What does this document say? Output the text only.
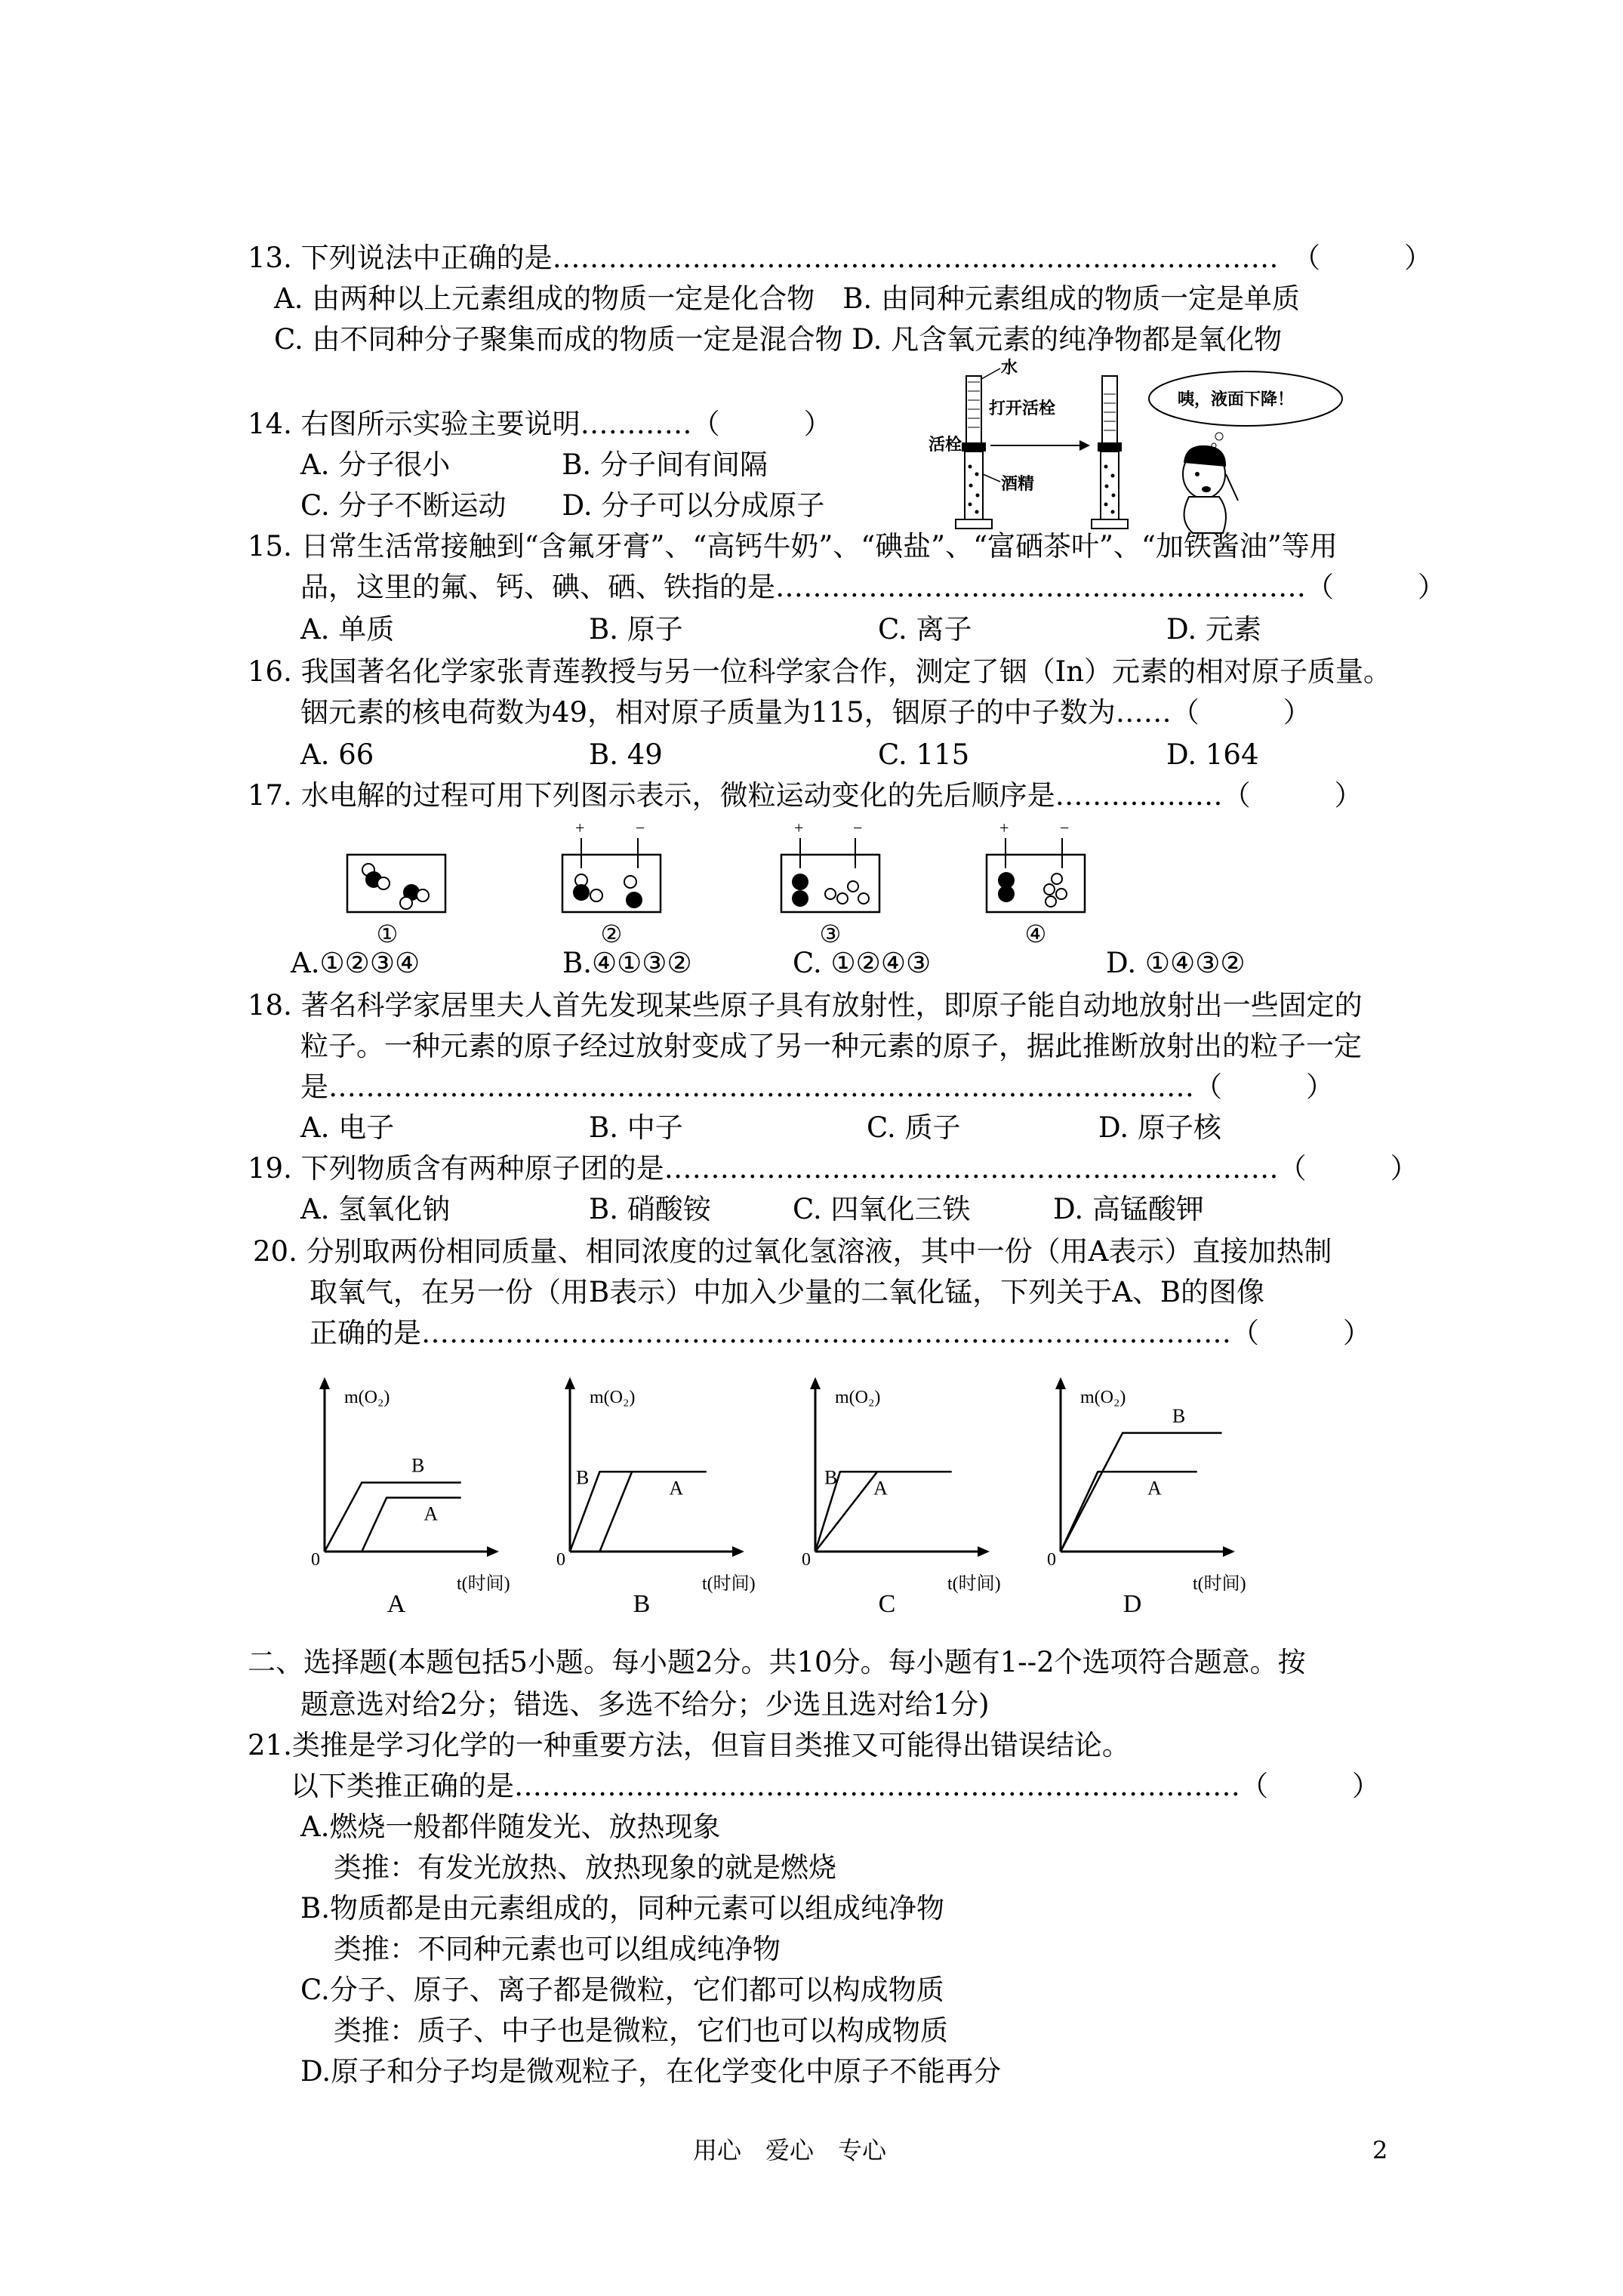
13. 下列说法中正确的是……………………………………………………………………　（　　　）
A. 由两种以上元素组成的物质一定是化合物　B. 由同种元素组成的物质一定是单质
C. 由不同种分子聚集而成的物质一定是混合物 D. 凡含氧元素的纯净物都是氧化物
14. 右图所示实验主要说明…………（　　　）
A. 分子很小　　　　B. 分子间有间隔
C. 分子不断运动　　D. 分子可以分成原子
水
活栓
打开活栓
酒精
咦，液面下降！
15. 日常生活常接触到“含氟牙膏”、“高钙牛奶”、“碘盐”、“富硒茶叶”、“加铁酱油”等用
品，这里的氟、钙、碘、硒、铁指的是…………………………………………………（　　　）
A. 单质	B. 原子	C. 离子	D. 元素
16. 我国著名化学家张青莲教授与另一位科学家合作，测定了铟（In）元素的相对原子质量。
铟元素的核电荷数为49，相对原子质量为115，铟原子的中子数为……（　　　）
A. 66	B. 49	C. 115	D. 164
17. 水电解的过程可用下列图示表示，微粒运动变化的先后顺序是………………（　　　）
①
+	−
②
+	−
③
+	−
④
A.①②③④	B.④①③②	C. ①②④③	D. ①④③②
18. 著名科学家居里夫人首先发现某些原子具有放射性，即原子能自动地放射出一些固定的
粒子。一种元素的原子经过放射变成了另一种元素的原子，据此推断放射出的粒子一定
是…………………………………………………………………………………（　　　）
A. 电子	B. 中子	C. 质子	D. 原子核
19. 下列物质含有两种原子团的是…………………………………………………………（　　　）
A. 氢氧化钠	B. 硝酸铵	C. 四氧化三铁	D. 高锰酸钾
20. 分别取两份相同质量、相同浓度的过氧化氢溶液，其中一份（用A表示）直接加热制
取氧气，在另一份（用B表示）中加入少量的二氧化锰，下列关于A、B的图像
正确的是……………………………………………………………………………（　　　）
m(O₂)
t(时间)
0
A
B
A
m(O₂)
t(时间)
0
B
B	A
m(O₂)
t(时间)
0
C
B A
m(O₂)
t(时间)
0
D
B
A
二、选择题(本题包括5小题。每小题2分。共10分。每小题有1--2个选项符合题意。按
题意选对给2分；错选、多选不给分；少选且选对给1分)
21.类推是学习化学的一种重要方法，但盲目类推又可能得出错误结论。
以下类推正确的是……………………………………………………………………（　　　）
A.燃烧一般都伴随发光、放热现象
类推：有发光放热、放热现象的就是燃烧
B.物质都是由元素组成的，同种元素可以组成纯净物
类推：不同种元素也可以组成纯净物
C.分子、原子、离子都是微粒，它们都可以构成物质
类推：质子、中子也是微粒，它们也可以构成物质
D.原子和分子均是微观粒子，在化学变化中原子不能再分
用心　爱心　专心	2
